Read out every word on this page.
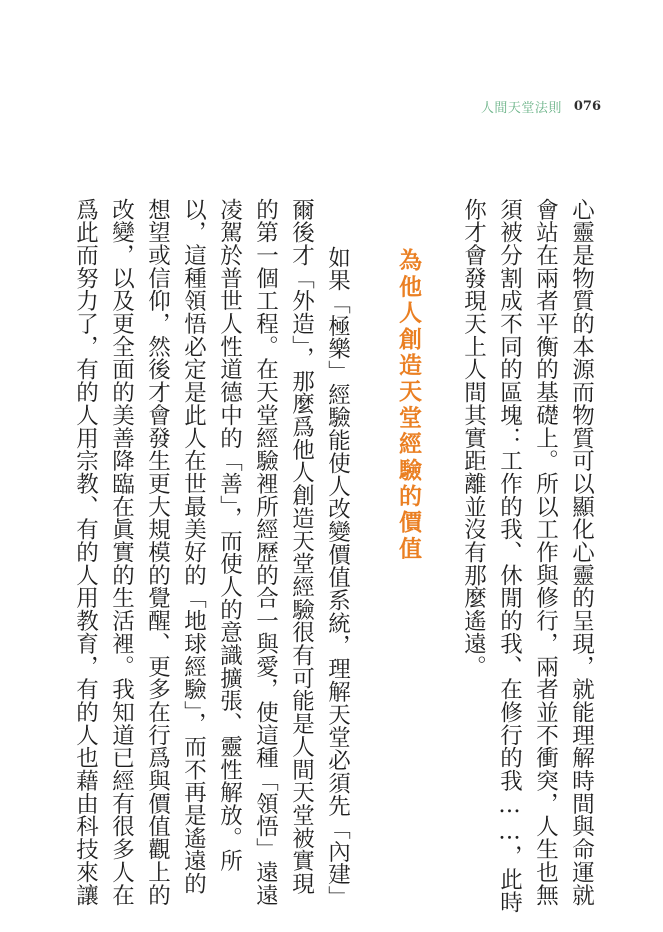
人間天堂法則 076
心靈是物質的本源而物質可以顯化心靈的呈現，就能理解時間與命運就
會站在兩者平衡的基礎上。所以工作與修行，兩者並不衝突，人生也無
須被分割成不同的區塊：工作的我、休閒的我、在修行的我……，此時
你才會發現天上人間其實距離並沒有那麼遙遠。
為他人創造天堂經驗的價值
如果「極樂」經驗能使人改變價值系統，理解天堂必須先「內建」
爾後才「外造」，那麼爲他人創造天堂經驗很有可能是人間天堂被實現
的第一個工程。在天堂經驗裡所經歷的合一與愛，使這種「領悟」遠遠
凌駕於普世人性道德中的「善」，而使人的意識擴張、靈性解放。所
以，這種領悟必定是此人在世最美好的「地球經驗」，而不再是遙遠的
想望或信仰，然後才會發生更大規模的覺醒、更多在行爲與價值觀上的
改變，以及更全面的美善降臨在眞實的生活裡。我知道已經有很多人在
爲此而努力了，有的人用宗教、有的人用教育，有的人也藉由科技來讓
